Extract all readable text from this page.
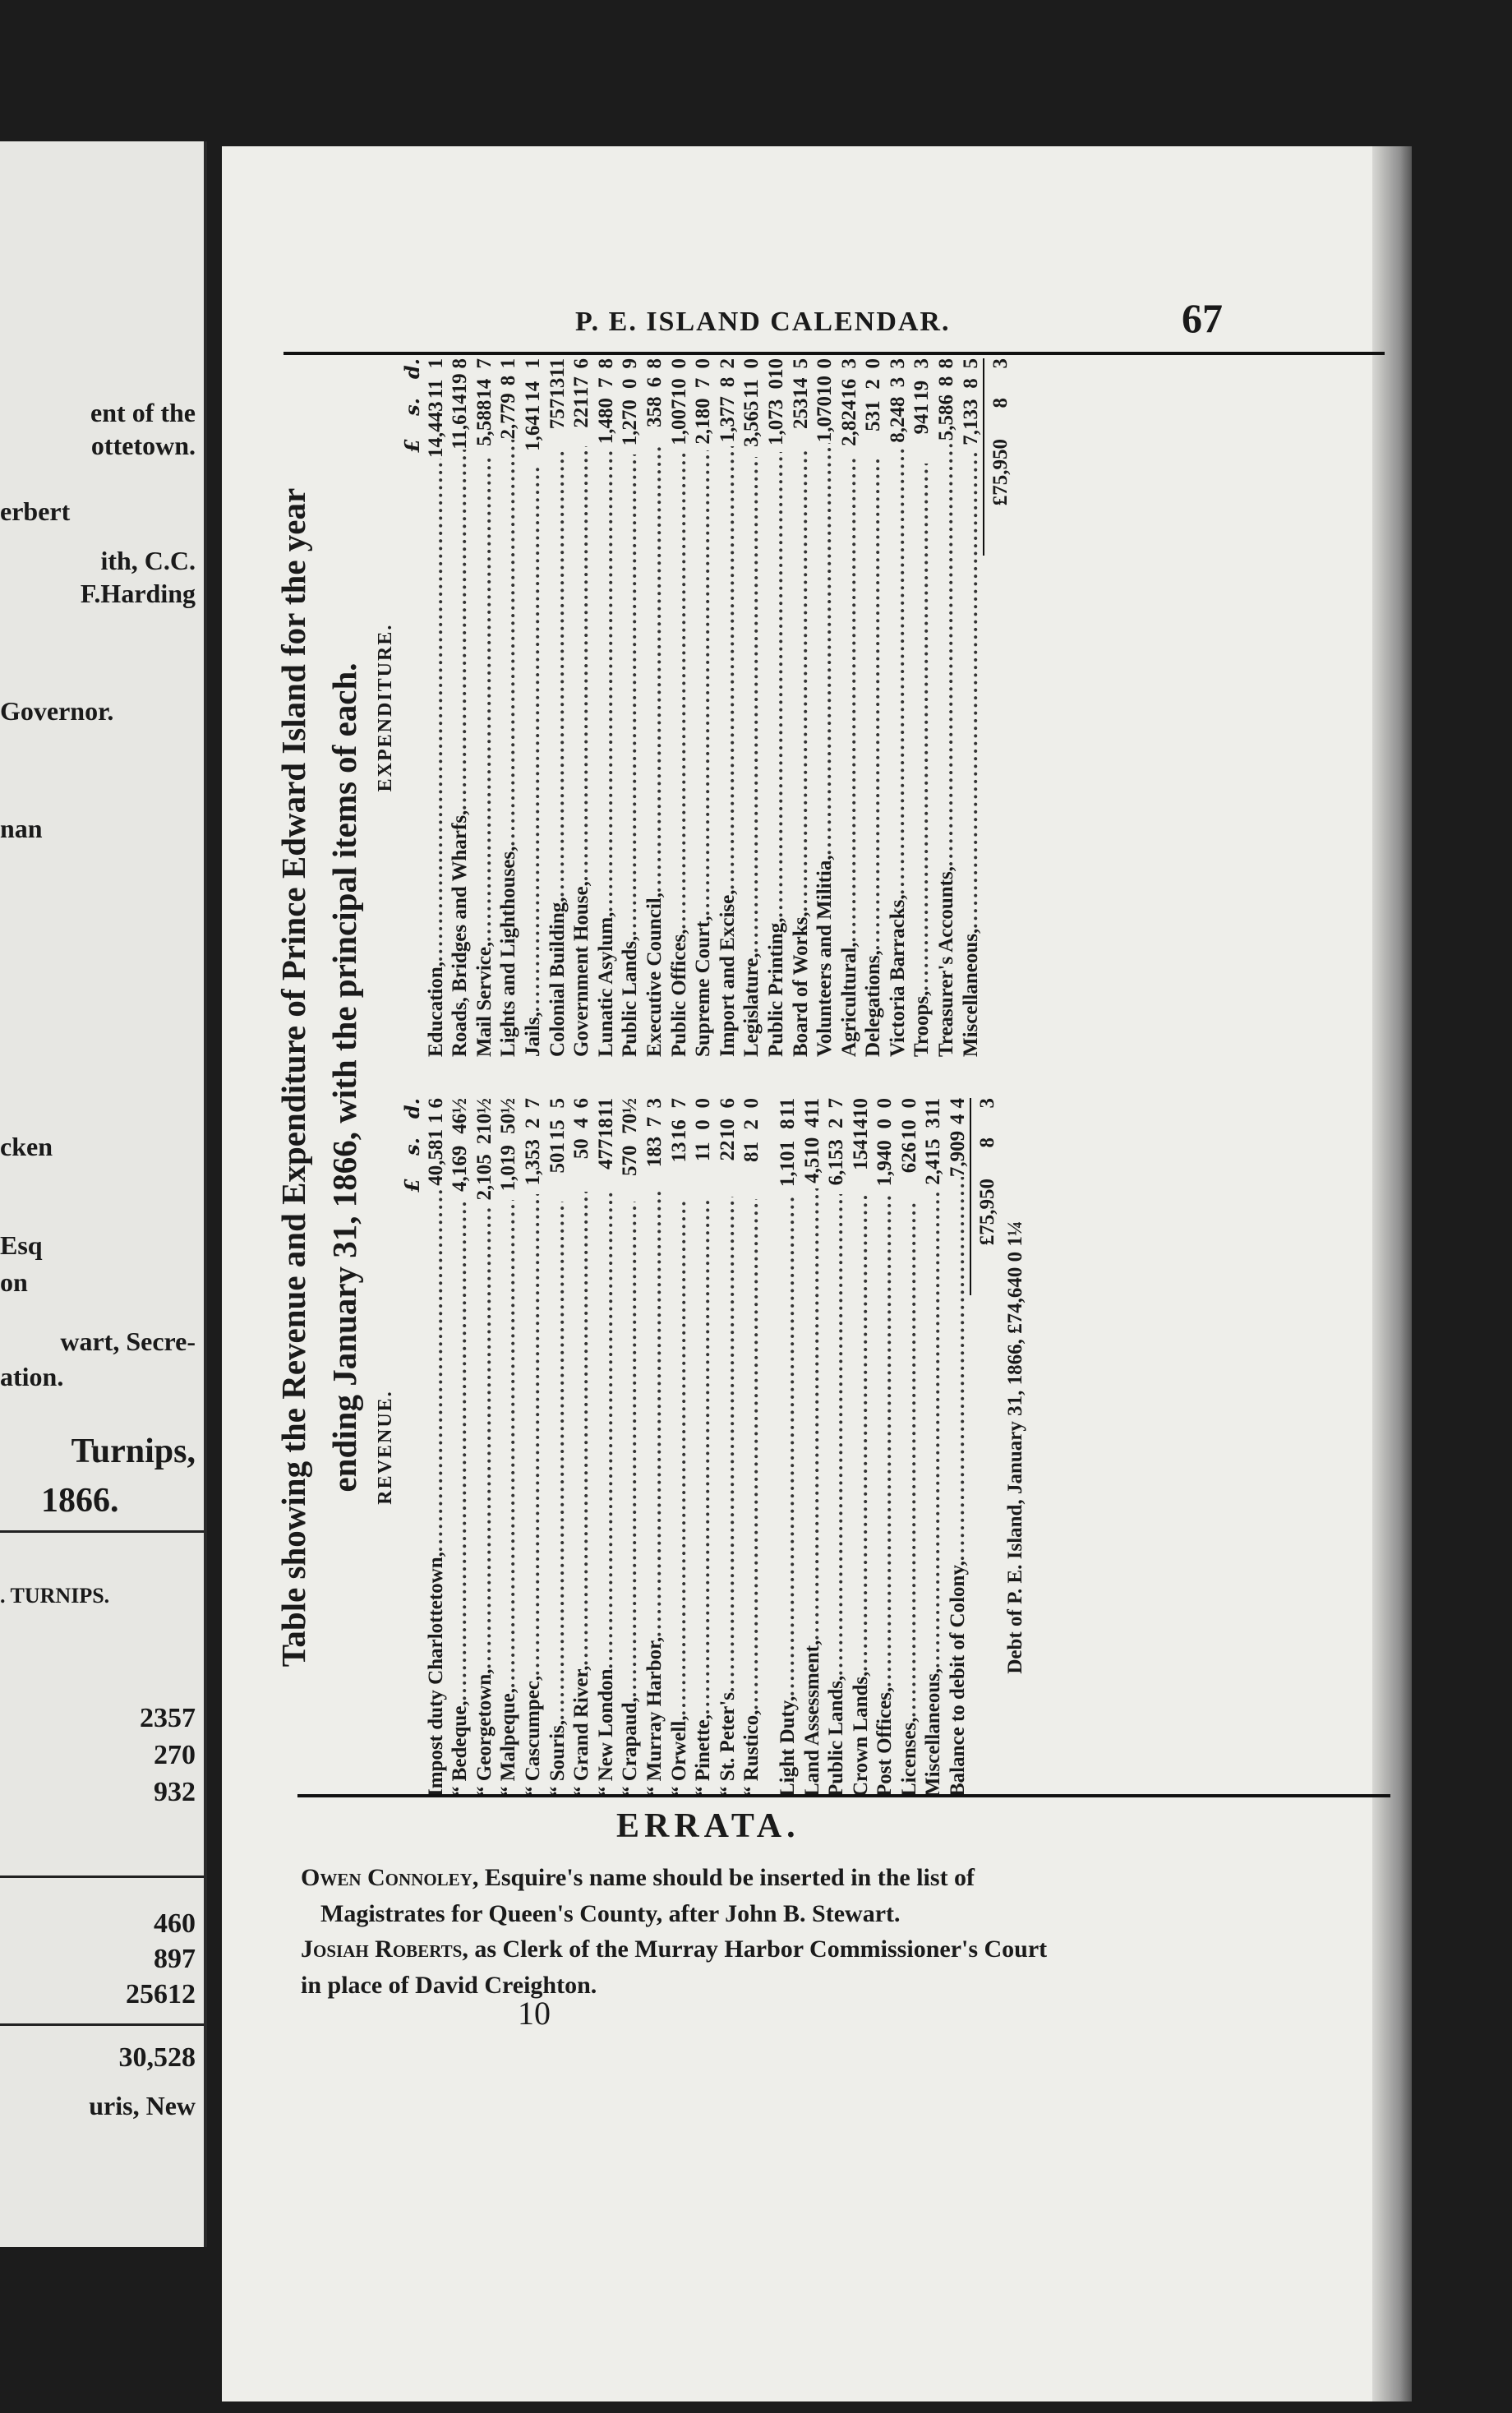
ent of the
ottetown.
erbert
ith, C.C.
F.Harding
Governor.
nan
cken
Esq
on
wart, Secre-
ation.
Turnips,
1866.
. TURNIPS.
2357
270
932
460
897
25612
30,528
uris, New
P. E. ISLAND CALENDAR.	67
Table showing the Revenue and Expenditure of Prince Edward Island for the year ending January 31, 1866, with the principal items of each. REVENUE.
£
s.
d.
Impost duty Charlottetown,
.....
40,581
1
6
“ Bedeque,
.....
4,169
4
6½
“ Georgetown,
.....
2,105
2
10½
“ Malpeque,
.....
1,019
5
0½
“ Cascumpec,
.....
1,353
2
7
“ Souris,
.....
501
15
5
“ Grand River,
.....
50
4
6
“ New London
.....
477
18
11
“ Crapaud,
.....
570
7
0½
“ Murray Harbor,
.....
183
7
3
“ Orwell,
.....
13
16
7
“ Pinette,
.....
11
0
0
“ St. Peter's
.....
22
10
6
“ Rustico,
.....
81
2
0
Light Duty,
.....
1,101
8
11
Land Assessment,
.....
4,510
4
11
Public Lands,
.....
6,153
2
7
Crown Lands,
.....
154
14
10
Post Offices,
.....
1,940
0
0
Licenses,
.....
626
10
0
Miscellaneous,
.....
2,415
3
11
Balance to debit of Colony,
.....
7,909
4
4
£75,950
8
3
Debt of P. E. Island, January 31, 1866, £74,640 0 1¼
EXPENDITURE.
£
s.
d.
Education,
.....
14,443
11
1
Roads, Bridges and Wharfs,
.....
11,614
19
8
Mail Service,
.....
5,588
14
7
Lights and Lighthouses,
.....
2,779
8
1
Jails,
.....
1,641
14
1
Colonial Building,
.....
757
13
11
Government House,
.....
221
17
6
Lunatic Asylum,
.....
1,480
7
8
Public Lands,
.....
1,270
0
9
Executive Council,
.....
358
6
8
Public Offices,
.....
1,007
10
0
Supreme Court,
.....
2,180
7
0
Import and Excise,
.....
1,377
8
2
Legislature,
.....
3,565
11
0
Public Printing,
.....
1,073
0
10
Board of Works,
.....
253
14
5
Volunteers and Militia,
.....
1,070
10
0
Agricultural,
.....
2,824
16
3
Delegations,
.....
531
2
0
Victoria Barracks,
.....
8,248
3
3
Troops,
.....
941
19
3
Treasurer's Accounts,
.....
5,586
8
8
Miscellaneous,
.....
7,133
8
5
£75,950
8
3
ERRATA.
Owen Connoley, Esquire's name should be inserted in the list of
Magistrates for Queen's County, after John B. Stewart.
Josiah Roberts, as Clerk of the Murray Harbor Commissioner's Court
in place of David Creighton.
10
